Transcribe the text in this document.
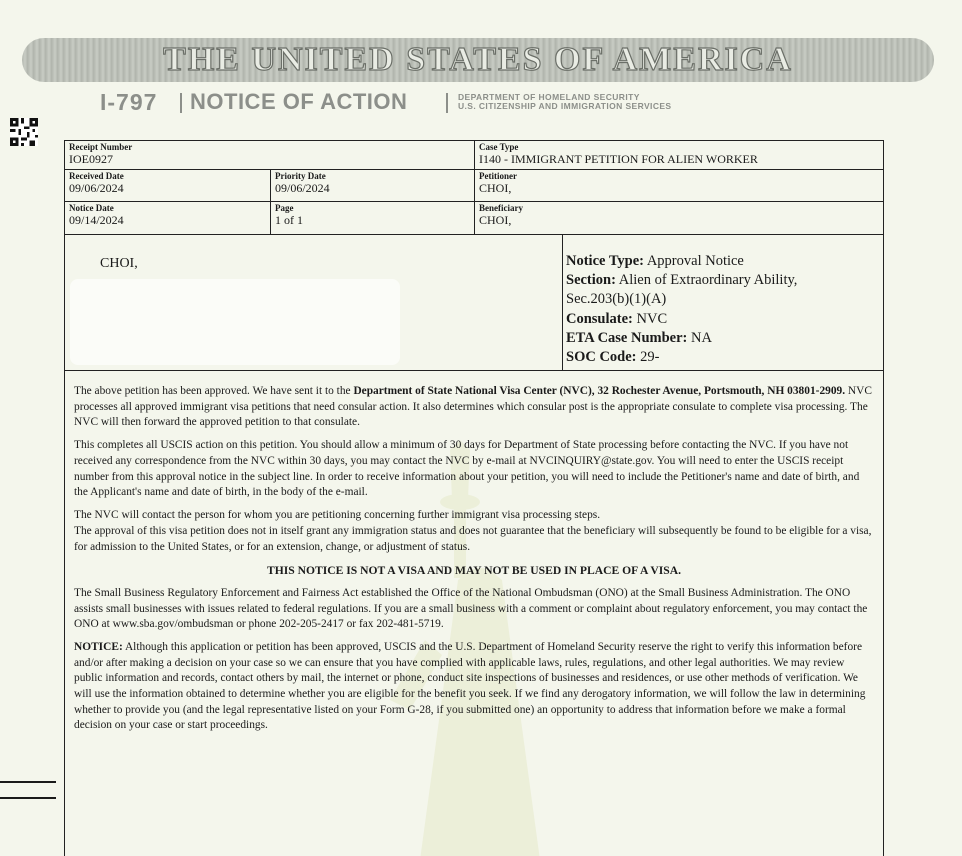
THE UNITED STATES OF AMERICA
I-797 NOTICE OF ACTION	DEPARTMENT OF HOMELAND SECURITY
U.S. CITIZENSHIP AND IMMIGRATION SERVICES
Receipt Number
IOE0927
Case Type
I140 - IMMIGRANT PETITION FOR ALIEN WORKER
Received Date
09/06/2024
Priority Date
09/06/2024
Petitioner
CHOI,
Notice Date
09/14/2024
Page
1 of 1
Beneficiary
CHOI,
CHOI,	Notice Type: Approval Notice
Section: Alien of Extraordinary Ability,
Sec.203(b)(1)(A)
Consulate: NVC
ETA Case Number: NA
SOC Code: 29-

The above petition has been approved. We have sent it to the Department of State National Visa Center (NVC), 32 Rochester Avenue, Portsmouth, NH 03801-2909. NVC processes all approved immigrant visa petitions that need consular action. It also determines which consular post is the appropriate consulate to complete visa processing. The NVC will then forward the approved petition to that consulate.

This completes all USCIS action on this petition. You should allow a minimum of 30 days for Department of State processing before contacting the NVC. If you have not received any correspondence from the NVC within 30 days, you may contact the NVC by e-mail at NVCINQUIRY@state.gov. You will need to enter the USCIS receipt number from this approval notice in the subject line. In order to receive information about your petition, you will need to include the Petitioner's name and date of birth, and the Applicant's name and date of birth, in the body of the e-mail.

The NVC will contact the person for whom you are petitioning concerning further immigrant visa processing steps.
The approval of this visa petition does not in itself grant any immigration status and does not guarantee that the beneficiary will subsequently be found to be eligible for a visa, for admission to the United States, or for an extension, change, or adjustment of status.

THIS NOTICE IS NOT A VISA AND MAY NOT BE USED IN PLACE OF A VISA.

The Small Business Regulatory Enforcement and Fairness Act established the Office of the National Ombudsman (ONO) at the Small Business Administration. The ONO assists small businesses with issues related to federal regulations. If you are a small business with a comment or complaint about regulatory enforcement, you may contact the ONO at www.sba.gov/ombudsman or phone 202-205-2417 or fax 202-481-5719.

NOTICE: Although this application or petition has been approved, USCIS and the U.S. Department of Homeland Security reserve the right to verify this information before and/or after making a decision on your case so we can ensure that you have complied with applicable laws, rules, regulations, and other legal authorities. We may review public information and records, contact others by mail, the internet or phone, conduct site inspections of businesses and residences, or use other methods of verification. We will use the information obtained to determine whether you are eligible for the benefit you seek. If we find any derogatory information, we will follow the law in determining whether to provide you (and the legal representative listed on your Form G-28, if you submitted one) an opportunity to address that information before we make a formal decision on your case or start proceedings.
